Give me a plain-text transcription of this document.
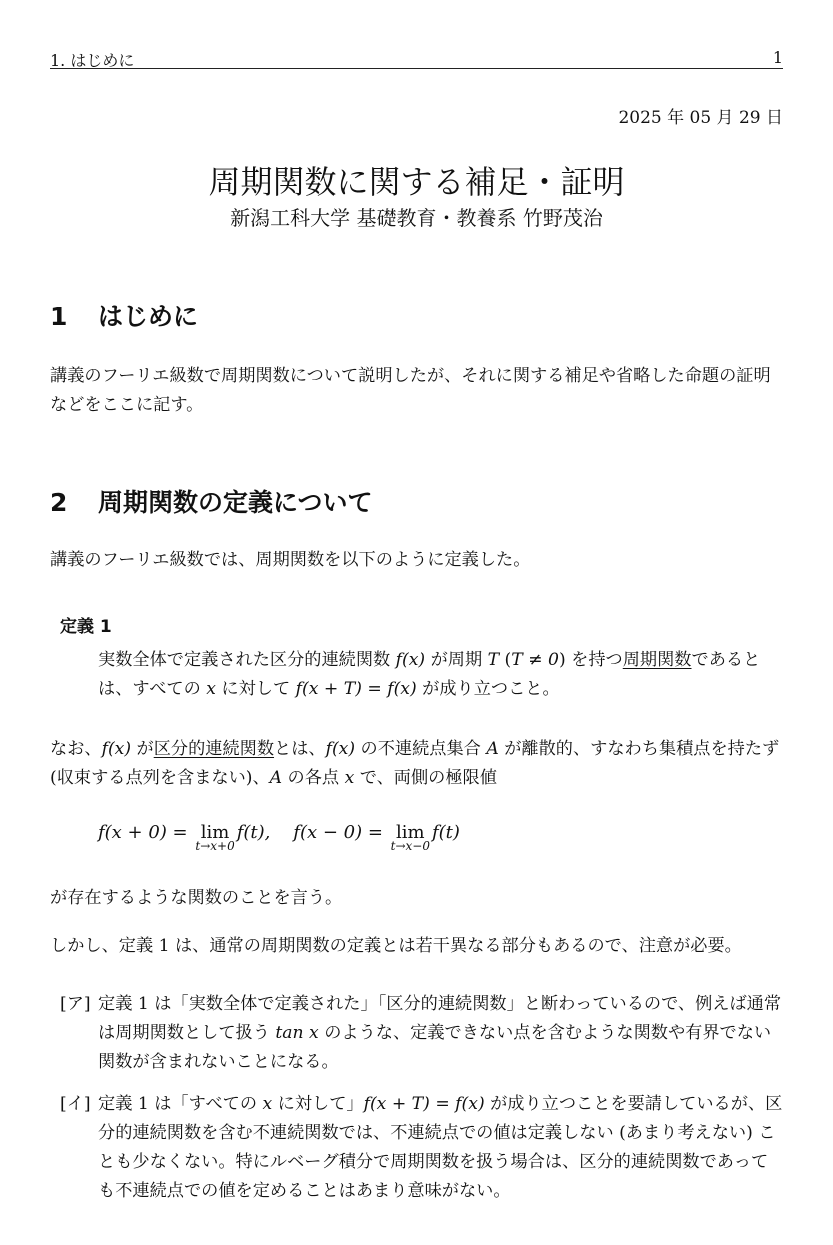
1. はじめに	1
2025 年 05 月 29 日
周期関数に関する補足・証明
新潟工科大学 基礎教育・教養系 竹野茂治
1 はじめに
講義のフーリエ級数で周期関数について説明したが、それに関する補足や省略した命題の証明などをここに記す。
2 周期関数の定義について
講義のフーリエ級数では、周期関数を以下のように定義した。
定義 1
実数全体で定義された区分的連続関数 f(x) が周期 T (T ≠ 0) を持つ周期関数であるとは、すべての x に対して f(x + T) = f(x) が成り立つこと。
なお、f(x) が区分的連続関数とは、f(x) の不連続点集合 A が離散的、すなわち集積点を持たず (収束する点列を含まない)、A の各点 x で、両側の極限値
f(x + 0) = lim
t→x+0
f(t), f(x − 0) = lim
t→x−0
f(t)
が存在するような関数のことを言う。
しかし、定義 1 は、通常の周期関数の定義とは若干異なる部分もあるので、注意が必要。
[ア] 定義 1 は「実数全体で定義された」「区分的連続関数」と断わっているので、例えば通常は周期関数として扱う tan x のような、定義できない点を含むような関数や有界でない関数が含まれないことになる。
[イ] 定義 1 は「すべての x に対して」f(x + T) = f(x) が成り立つことを要請しているが、区分的連続関数を含む不連続関数では、不連続点での値は定義しない (あまり考えない) ことも少なくない。特にルベーグ積分で周期関数を扱う場合は、区分的連続関数であっても不連続点での値を定めることはあまり意味がない。
